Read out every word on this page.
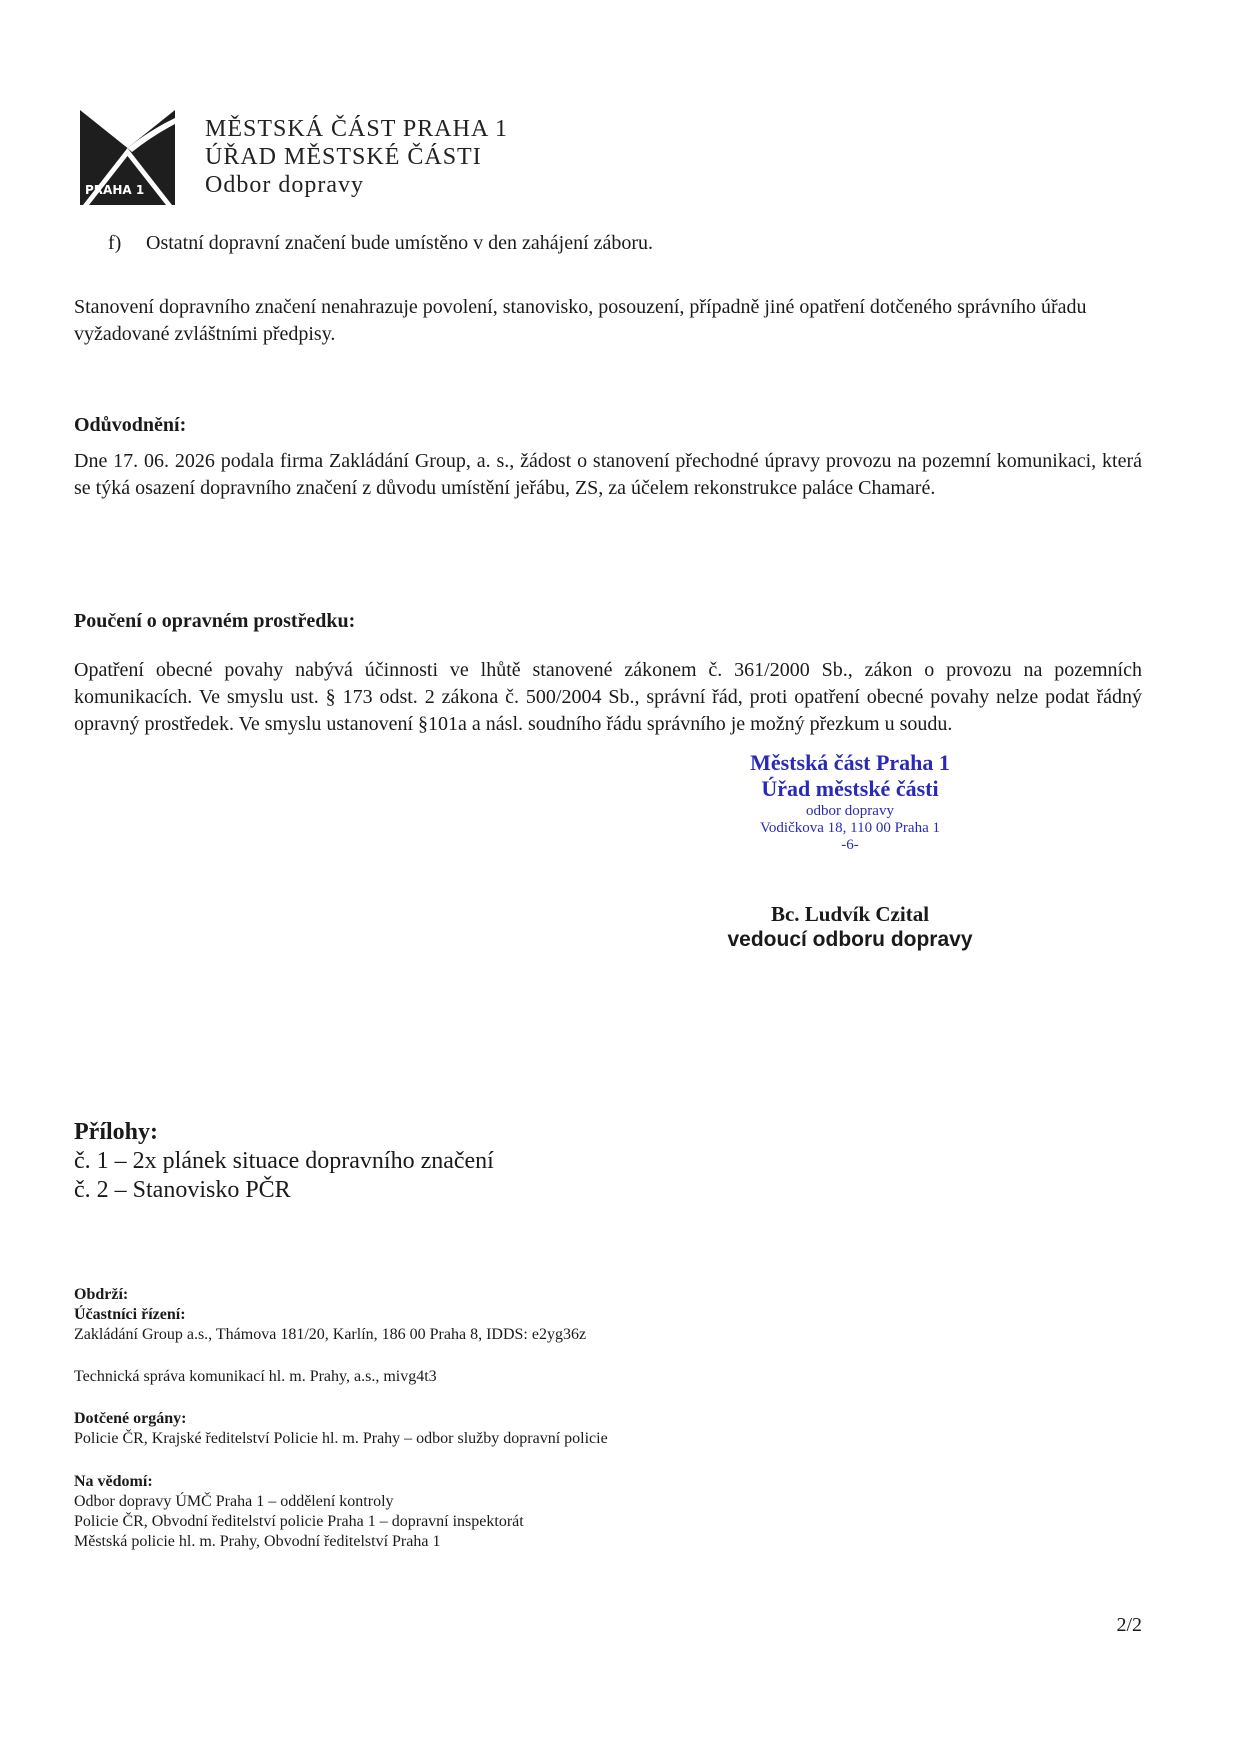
PRAHA 1
MĚSTSKÁ ČÁST PRAHA 1
ÚŘAD MĚSTSKÉ ČÁSTI
Odbor dopravy
f) Ostatní dopravní značení bude umístěno v den zahájení záboru.
Stanovení dopravního značení nenahrazuje povolení, stanovisko, posouzení, případně jiné opatření dotčeného správního úřadu vyžadované zvláštními předpisy.
Odůvodnění:
Dne 17. 06. 2026 podala firma Zakládání Group, a. s., žádost o stanovení přechodné úpravy provozu na pozemní komunikaci, která se týká osazení dopravního značení z důvodu umístění jeřábu, ZS, za účelem rekonstrukce paláce Chamaré.
Poučení o opravném prostředku:
Opatření obecné povahy nabývá účinnosti ve lhůtě stanovené zákonem č. 361/2000 Sb., zákon o provozu na pozemních komunikacích. Ve smyslu ust. § 173 odst. 2 zákona č. 500/2004 Sb., správní řád, proti opatření obecné povahy nelze podat řádný opravný prostředek. Ve smyslu ustanovení §101a a násl. soudního řádu správního je možný přezkum u soudu.
Městská část Praha 1
Úřad městské části
odbor dopravy
Vodičkova 18, 110 00 Praha 1
-6-
Bc. Ludvík Czital
vedoucí odboru dopravy
Přílohy:
č. 1 – 2x plánek situace dopravního značení
č. 2 – Stanovisko PČR
Obdrží:
Účastníci řízení:
Zakládání Group a.s., Thámova 181/20, Karlín, 186 00 Praha 8, IDDS: e2yg36z
Technická správa komunikací hl. m. Prahy, a.s., mivg4t3
Dotčené orgány:
Policie ČR, Krajské ředitelství Policie hl. m. Prahy – odbor služby dopravní policie
Na vědomí:
Odbor dopravy ÚMČ Praha 1 – oddělení kontroly
Policie ČR, Obvodní ředitelství policie Praha 1 – dopravní inspektorát
Městská policie hl. m. Prahy, Obvodní ředitelství Praha 1
2/2
